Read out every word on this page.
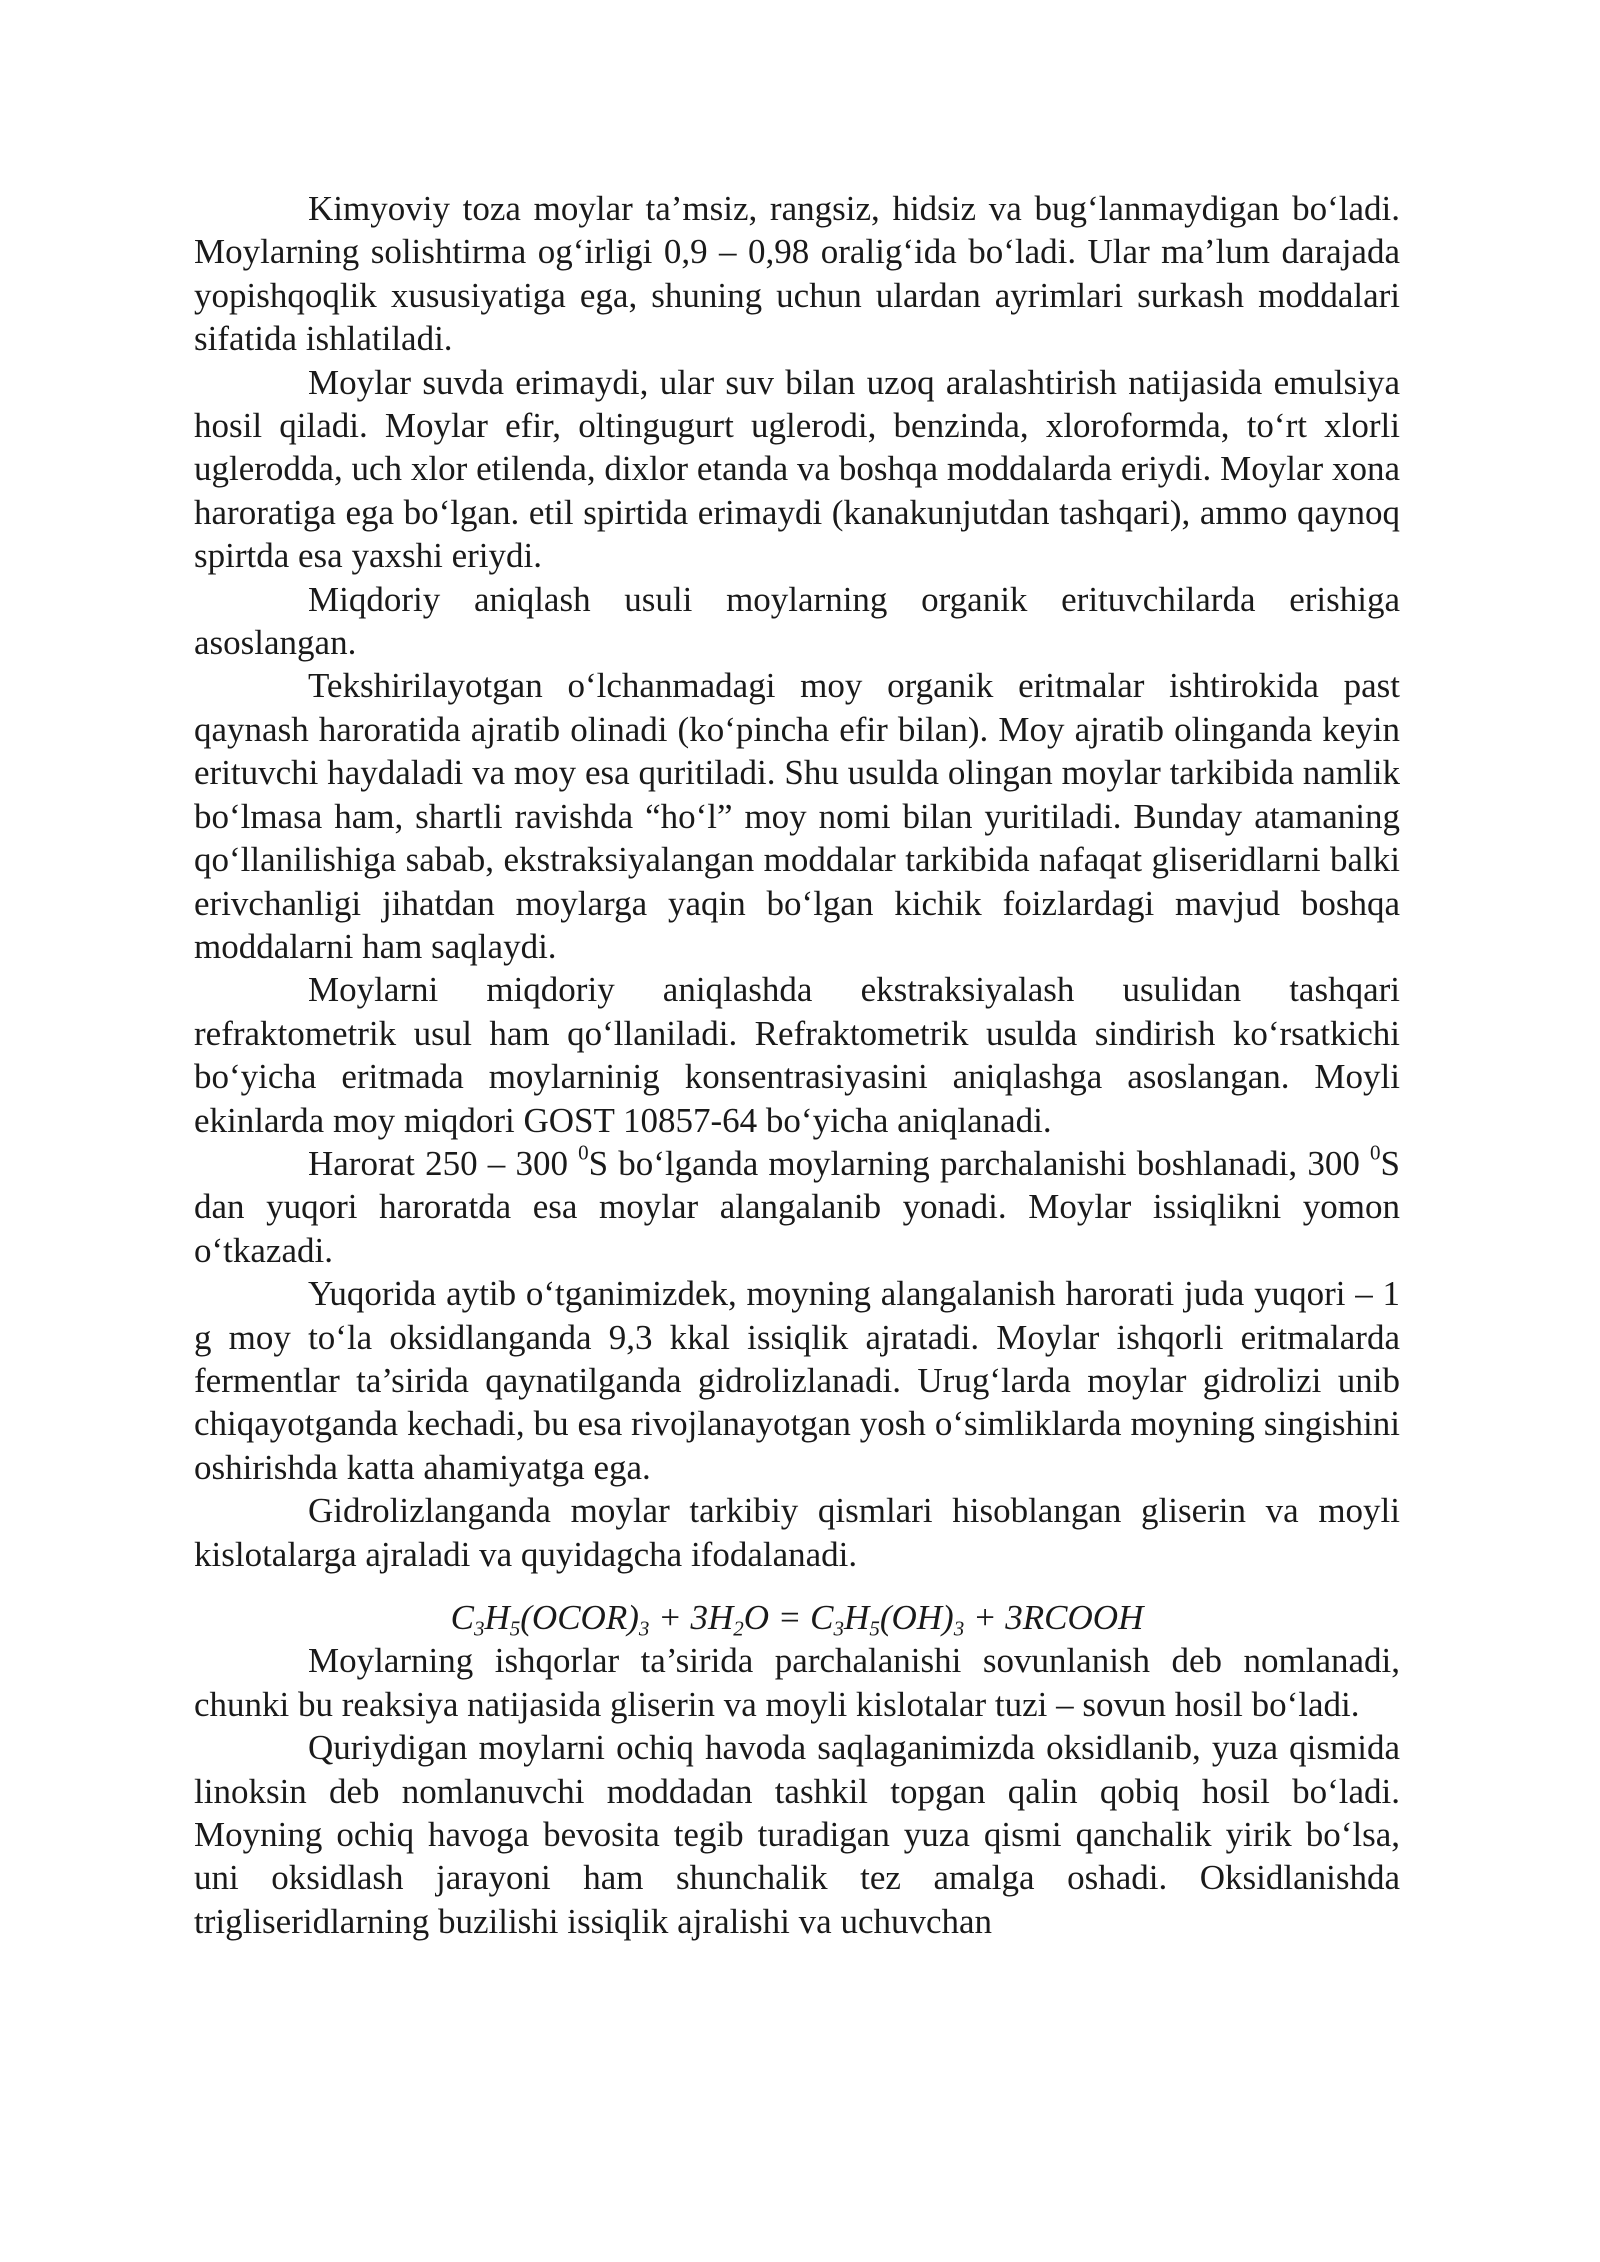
Kimyoviy toza moylar ta’msiz, rangsiz, hidsiz va bug‘lanmaydigan bo‘ladi. Moylarning solishtirma og‘irligi 0,9 – 0,98 oralig‘ida bo‘ladi. Ular ma’lum darajada yopishqoqlik xususiyatiga ega, shuning uchun ulardan ayrimlari surkash moddalari sifatida ishlatiladi.

Moylar suvda erimaydi, ular suv bilan uzoq aralashtirish natijasida emulsiya hosil qiladi. Moylar efir, oltingugurt uglerodi, benzinda, xloroformda, to‘rt xlorli uglerodda, uch xlor etilenda, dixlor etanda va boshqa moddalarda eriydi. Moylar xona haroratiga ega bo‘lgan. etil spirtida erimaydi (kanakunjutdan tashqari), ammo qaynoq spirtda esa yaxshi eriydi.

Miqdoriy aniqlash usuli moylarning organik erituvchilarda erishiga asoslangan.

Tekshirilayotgan o‘lchanmadagi moy organik eritmalar ishtirokida past qaynash haroratida ajratib olinadi (ko‘pincha efir bilan). Moy ajratib olinganda keyin erituvchi haydaladi va moy esa quritiladi. Shu usulda olingan moylar tarkibida namlik bo‘lmasa ham, shartli ravishda “ho‘l” moy nomi bilan yuritiladi. Bunday atamaning qo‘llanilishiga sabab, ekstraksiyalangan moddalar tarkibida nafaqat gliseridlarni balki erivchanligi jihatdan moylarga yaqin bo‘lgan kichik foizlardagi mavjud boshqa moddalarni ham saqlaydi.

Moylarni miqdoriy aniqlashda ekstraksiyalash usulidan tashqari refraktometrik usul ham qo‘llaniladi. Refraktometrik usulda sindirish ko‘rsatkichi bo‘yicha eritmada moylarninig konsentrasiyasini aniqlashga asoslangan. Moyli ekinlarda moy miqdori GOST 10857-64 bo‘yicha aniqlanadi.

Harorat 250 – 300 $^0$S bo‘lganda moylarning parchalanishi boshlanadi, 300 $^0$S dan yuqori haroratda esa moylar alangalanib yonadi. Moylar issiqlikni yomon o‘tkazadi.

Yuqorida aytib o‘tganimizdek, moyning alangalanish harorati juda yuqori – 1 g moy to‘la oksidlanganda 9,3 kkal issiqlik ajratadi. Moylar ishqorli eritmalarda fermentlar ta’sirida qaynatilganda gidrolizlanadi. Urug‘larda moylar gidrolizi unib chiqayotganda kechadi, bu esa rivojlanayotgan yosh o‘simliklarda moyning singishini oshirishda katta ahamiyatga ega.

Gidrolizlanganda moylar tarkibiy qismlari hisoblangan gliserin va moyli kislotalarga ajraladi va quyidagcha ifodalanadi.

$C_3H_5(OCOR)_3 + 3H_2O = C_3H_5(OH)_3$ + 3RCOOH

Moylarning ishqorlar ta’sirida parchalanishi sovunlanish deb nomlanadi, chunki bu reaksiya natijasida gliserin va moyli kislotalar tuzi – sovun hosil bo‘ladi.

Quriydigan moylarni ochiq havoda saqlaganimizda oksidlanib, yuza qismida linoksin deb nomlanuvchi moddadan tashkil topgan qalin qobiq hosil bo‘ladi. Moyning ochiq havoga bevosita tegib turadigan yuza qismi qanchalik yirik bo‘lsa, uni oksidlash jarayoni ham shunchalik tez amalga oshadi. Oksidlanishda trigliseridlarning buzilishi issiqlik ajralishi va uchuvchan
